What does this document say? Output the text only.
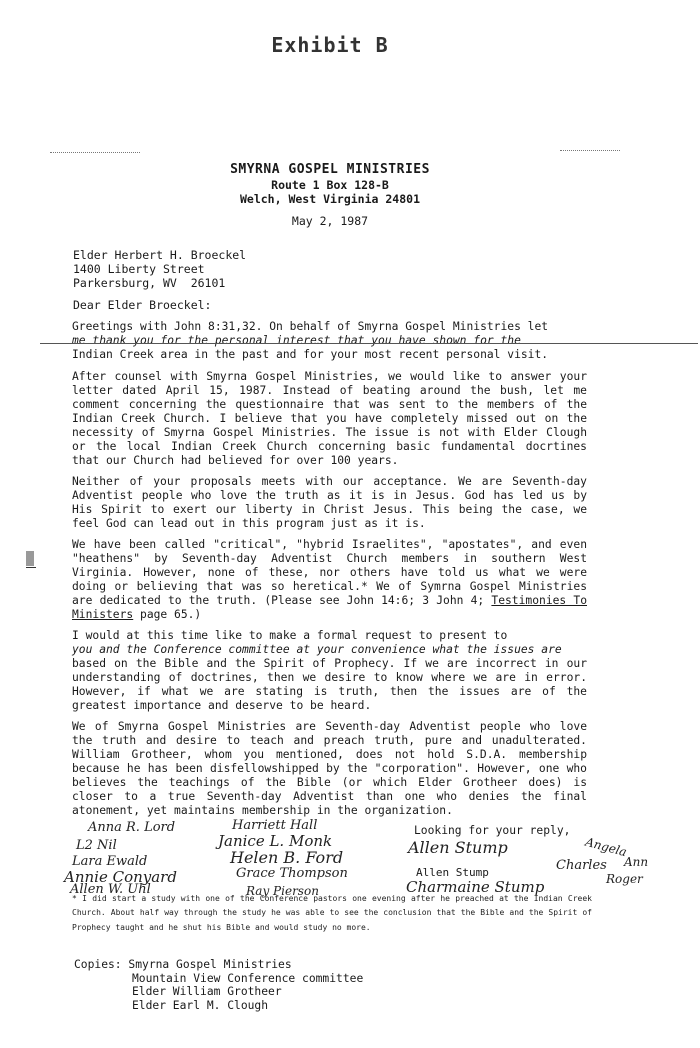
Exhibit B
SMYRNA GOSPEL MINISTRIES
Route 1 Box 128-B
Welch, West Virginia 24801
May 2, 1987
Elder Herbert H. Broeckel
1400 Liberty Street
Parkersburg, WV  26101
Dear Elder Broeckel:

Greetings with John 8:31,32. On behalf of Smyrna Gospel Ministries let

me thank you for the personal interest that you have shown for the

Indian Creek area in the past and for your most recent personal visit.

After counsel with Smyrna Gospel Ministries, we would like to answer your letter dated April 15, 1987. Instead of beating around the bush, let me comment concerning the questionnaire that was sent to the members of the Indian Creek Church. I believe that you have completely missed out on the necessity of Smyrna Gospel Ministries. The issue is not with Elder Clough or the local Indian Creek Church concerning basic fundamental docrtines that our Church had believed for over 100 years.
Neither of your proposals meets with our acceptance. We are Seventh-day Adventist people who love the truth as it is in Jesus. God has led us by His Spirit to exert our liberty in Christ Jesus. This being the case, we feel God can lead out in this program just as it is.
We have been called "critical", "hybrid Israelites", "apostates", and even "heathens" by Seventh-day Adventist Church members in southern West Virginia. However, none of these, nor others have told us what we were doing or believing that was so heretical.* We of Symrna Gospel Ministries are dedicated to the truth. (Please see John 14:6; 3 John 4; Testimonies To Ministers page 65.)

I would at this time like to make a formal request to present to

you and the Conference committee at your convenience what the issues are

based on the Bible and the Spirit of Prophecy. If we are incorrect in our understanding of doctrines, then we desire to know where we are in error. However, if what we are stating is truth, then the issues are of the greatest importance and deserve to be heard.

We of Smyrna Gospel Ministries are Seventh-day Adventist people who love the truth and desire to teach and preach truth, pure and unadulterated. William Grotheer, whom you mentioned, does not hold S.D.A. membership because he has been disfellowshipped by the "corporation". However, one who believes the teachings of the Bible (or which Elder Grotheer does) is closer to a true Seventh-day Adventist than one who denies the final atonement, yet maintains membership in the organization.
Looking for your reply,
Anna R. Lord	Harriett Hall
L2 Nil	Janice L. Monk	Allen Stump	Angela
Lara Ewald	Helen B. Ford	Charles Ann
Annie Conyard	Grace Thompson	Allen Stump	Roger
Allen W. Uhl	Ray Pierson	Charmaine Stump
* I did start a study with one of the Conference pastors one evening after he preached at the Indian Creek Church. About half way through the study he was able to see the conclusion that the Bible and the Spirit of Prophecy taught and he shut his Bible and would study no more.
Copies: Smyrna Gospel Ministries
Mountain View Conference committee
Elder William Grotheer
Elder Earl M. Clough
